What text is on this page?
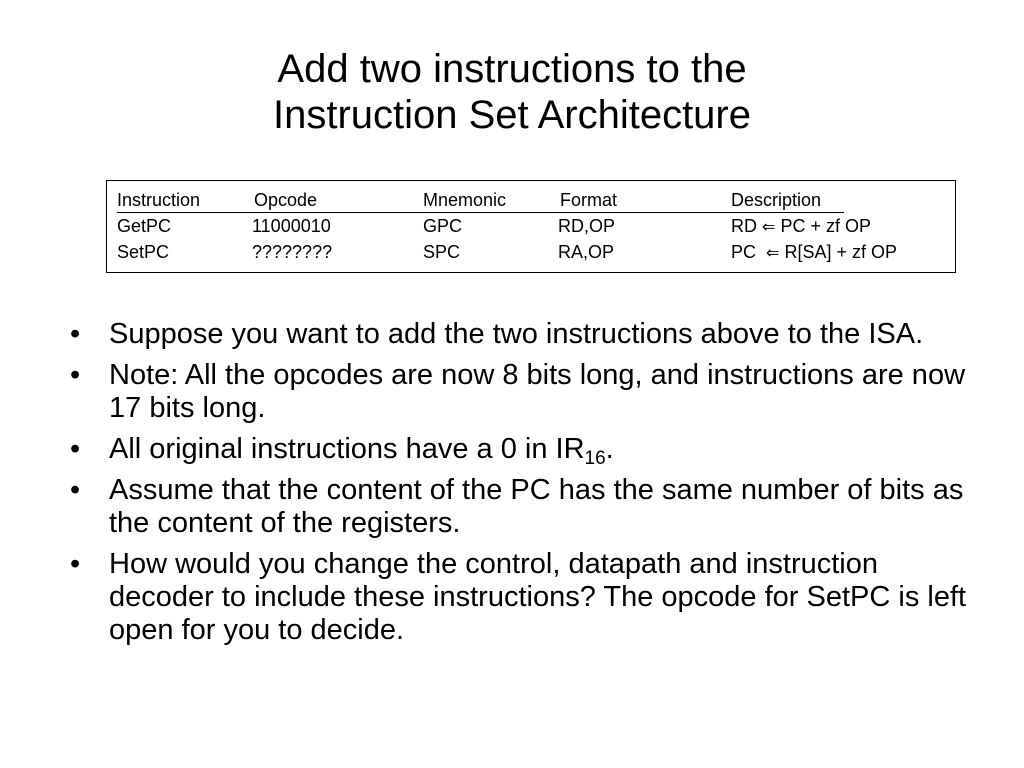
Add two instructions to the
Instruction Set Architecture
Instruction	Opcode	Mnemonic	Format	Description
GetPC	11000010	GPC	RD,OP	RD ⇐ PC + zf OP
SetPC	????????	SPC	RA,OP	PC ⇐ R[SA] + zf OP
• Suppose you want to add the two instructions above to the ISA.
• Note: All the opcodes are now 8 bits long, and instructions are now 17 bits long.
• All original instructions have a 0 in $IR_{16}$.
• Assume that the content of the PC has the same number of bits as the content of the registers.
• How would you change the control, datapath and instruction decoder to include these instructions? The opcode for SetPC is left open for you to decide.
